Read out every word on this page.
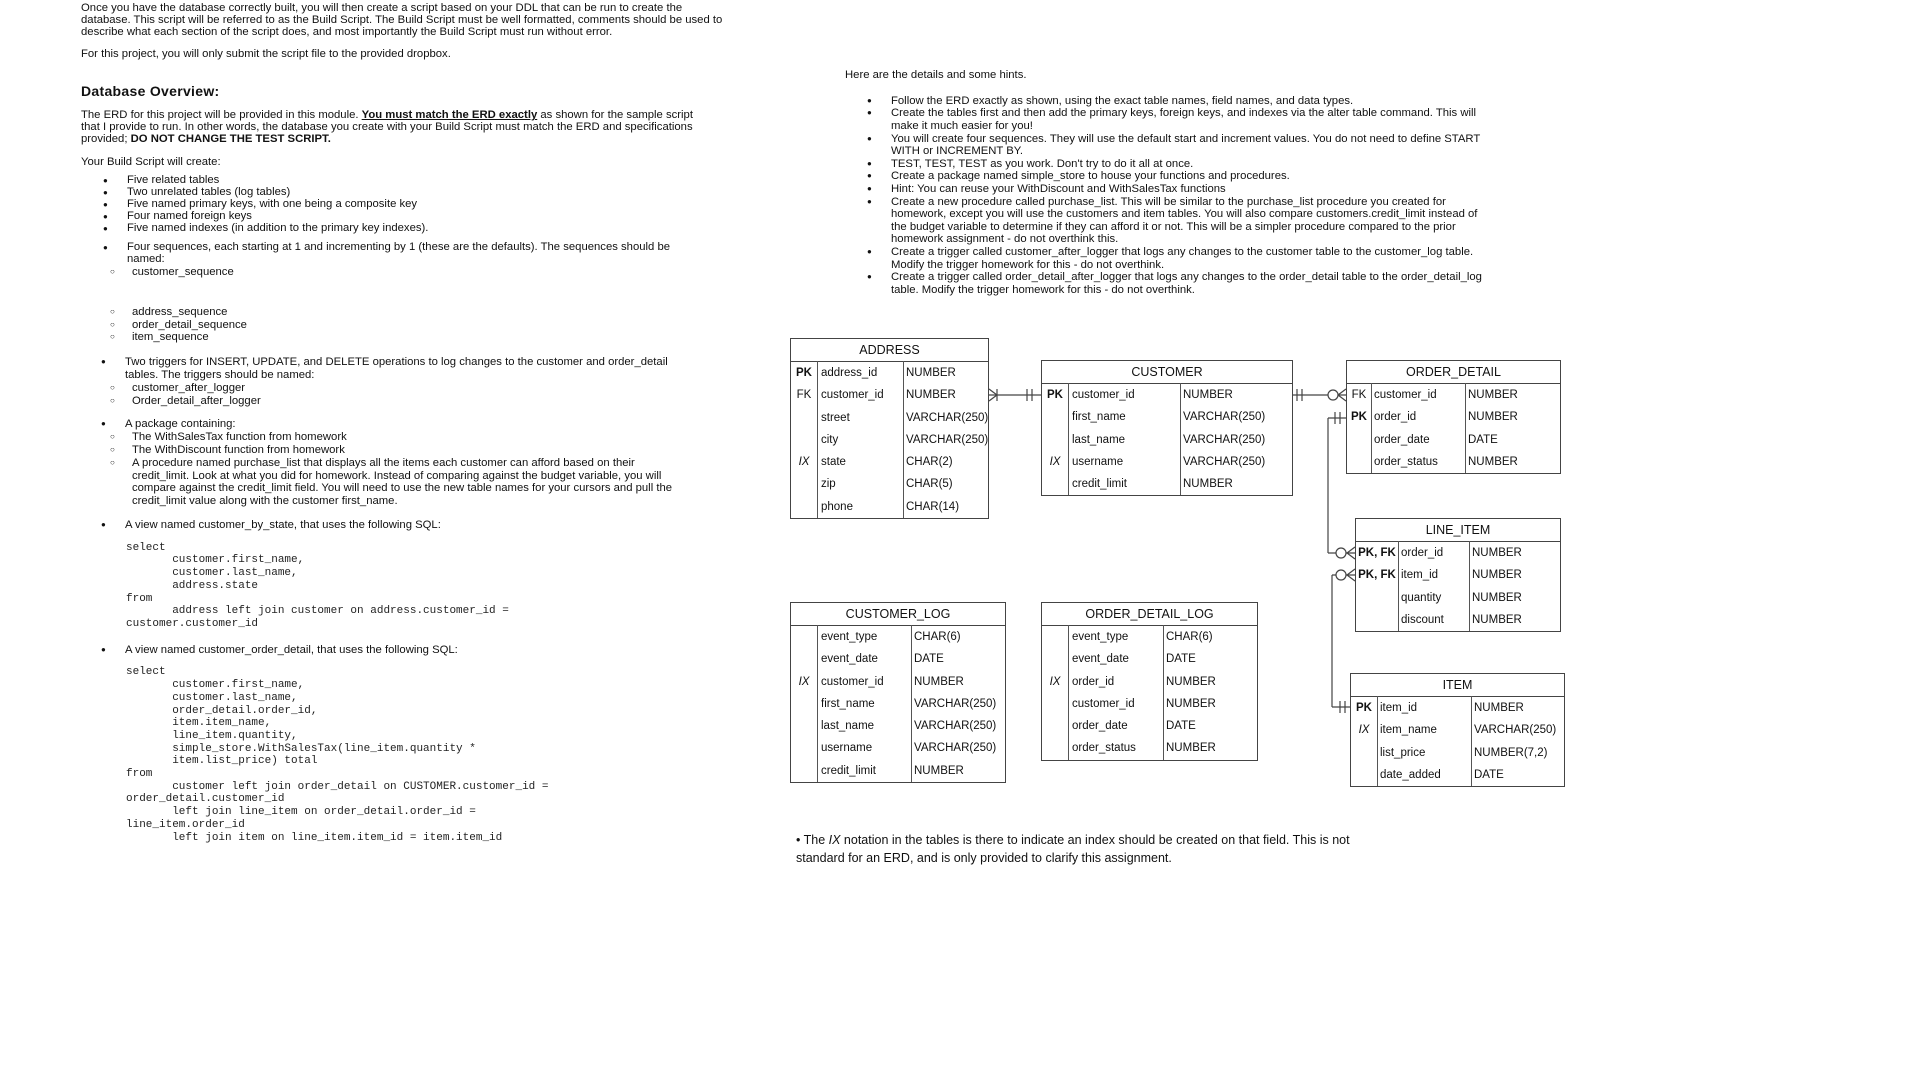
Once you have the database correctly built, you will then create a script based on your DDL that can be run to create the database. This script will be referred to as the Build Script. The Build Script must be well formatted, comments should be used to describe what each section of the script does, and most importantly the Build Script must run without error.

For this project, you will only submit the script file to the provided dropbox.

Database Overview:

The ERD for this project will be provided in this module. You must match the ERD exactly as shown for the sample script that I provide to run. In other words, the database you create with your Build Script must match the ERD and specifications provided; DO NOT CHANGE THE TEST SCRIPT.

Your Build Script will create:

● Five related tables
● Two unrelated tables (log tables)
● Five named primary keys, with one being a composite key
● Four named foreign keys
● Five named indexes (in addition to the primary key indexes).
● Four sequences, each starting at 1 and incrementing by 1 (these are the defaults). The sequences should be named:
○ customer_sequence
○ address_sequence
○ order_detail_sequence
○ item_sequence
● Two triggers for INSERT, UPDATE, and DELETE operations to log changes to the customer and order_detail tables. The triggers should be named:
○ customer_after_logger
○ Order_detail_after_logger
● A package containing:
○ The WithSalesTax function from homework
○ The WithDiscount function from homework
○ A procedure named purchase_list that displays all the items each customer can afford based on their credit_limit. Look at what you did for homework. Instead of comparing against the budget variable, you will compare against the credit_limit field. You will need to use the new table names for your cursors and pull the credit_limit value along with the customer first_name.
● A view named customer_by_state, that uses the following SQL:
select
customer.first_name,
customer.last_name,
address.state
from
address left join customer on address.customer_id =
customer.customer_id
● A view named customer_order_detail, that uses the following SQL:
select
customer.first_name,
customer.last_name,
order_detail.order_id,
item.item_name,
line_item.quantity,
simple_store.WithSalesTax(line_item.quantity *
item.list_price) total
from
customer left join order_detail on CUSTOMER.customer_id =
order_detail.customer_id
left join line_item on order_detail.order_id =
line_item.order_id
left join item on line_item.item_id = item.item_id

Here are the details and some hints.

● Follow the ERD exactly as shown, using the exact table names, field names, and data types.
● Create the tables first and then add the primary keys, foreign keys, and indexes via the alter table command. This will make it much easier for you!
● You will create four sequences. They will use the default start and increment values. You do not need to define START WITH or INCREMENT BY.
● TEST, TEST, TEST as you work. Don't try to do it all at once.
● Create a package named simple_store to house your functions and procedures.
● Hint: You can reuse your WithDiscount and WithSalesTax functions
● Create a new procedure called purchase_list. This will be similar to the purchase_list procedure you created for homework, except you will use the customers and item tables. You will also compare customers.credit_limit instead of the budget variable to determine if they can afford it or not. This will be a simpler procedure compared to the prior homework assignment - do not overthink this.
● Create a trigger called customer_after_logger that logs any changes to the customer table to the customer_log table. Modify the trigger homework for this - do not overthink.
● Create a trigger called order_detail_after_logger that logs any changes to the order_detail table to the order_detail_log table. Modify the trigger homework for this - do not overthink.
ADDRESS
PK address_id NUMBER
FK customer_id NUMBER
street	VARCHAR(250)
city	VARCHAR(250)
IX	state	CHAR(2)
zip	CHAR(5)
phone	CHAR(14)
CUSTOMER
PK customer_id	NUMBER
first_name	VARCHAR(250)
last_name	VARCHAR(250)
IX	username	VARCHAR(250)
credit_limit	NUMBER
ORDER_DETAIL
FK customer_id	NUMBER
PK order_id	NUMBER
order_date	DATE
order_status	NUMBER
LINE_ITEM
PK, FK order_id	NUMBER
PK, FK item_id	NUMBER
quantity	NUMBER
discount NUMBER
CUSTOMER_LOG
event_type	CHAR(6)
event_date	DATE
IX	customer_id	NUMBER
first_name	VARCHAR(250)
last_name	VARCHAR(250)
username	VARCHAR(250)
credit_limit	NUMBER
ORDER_DETAIL_LOG
event_type	CHAR(6)
event_date	DATE
IX	order_id	NUMBER
customer_id	NUMBER
order_date	DATE
order_status	NUMBER
ITEM
PK item_id	NUMBER
IX item_name	VARCHAR(250)
list_price	NUMBER(7,2)
date_added	DATE
• The IX notation in the tables is there to indicate an index should be created on that field. This is not standard for an ERD, and is only provided to clarify this assignment.
